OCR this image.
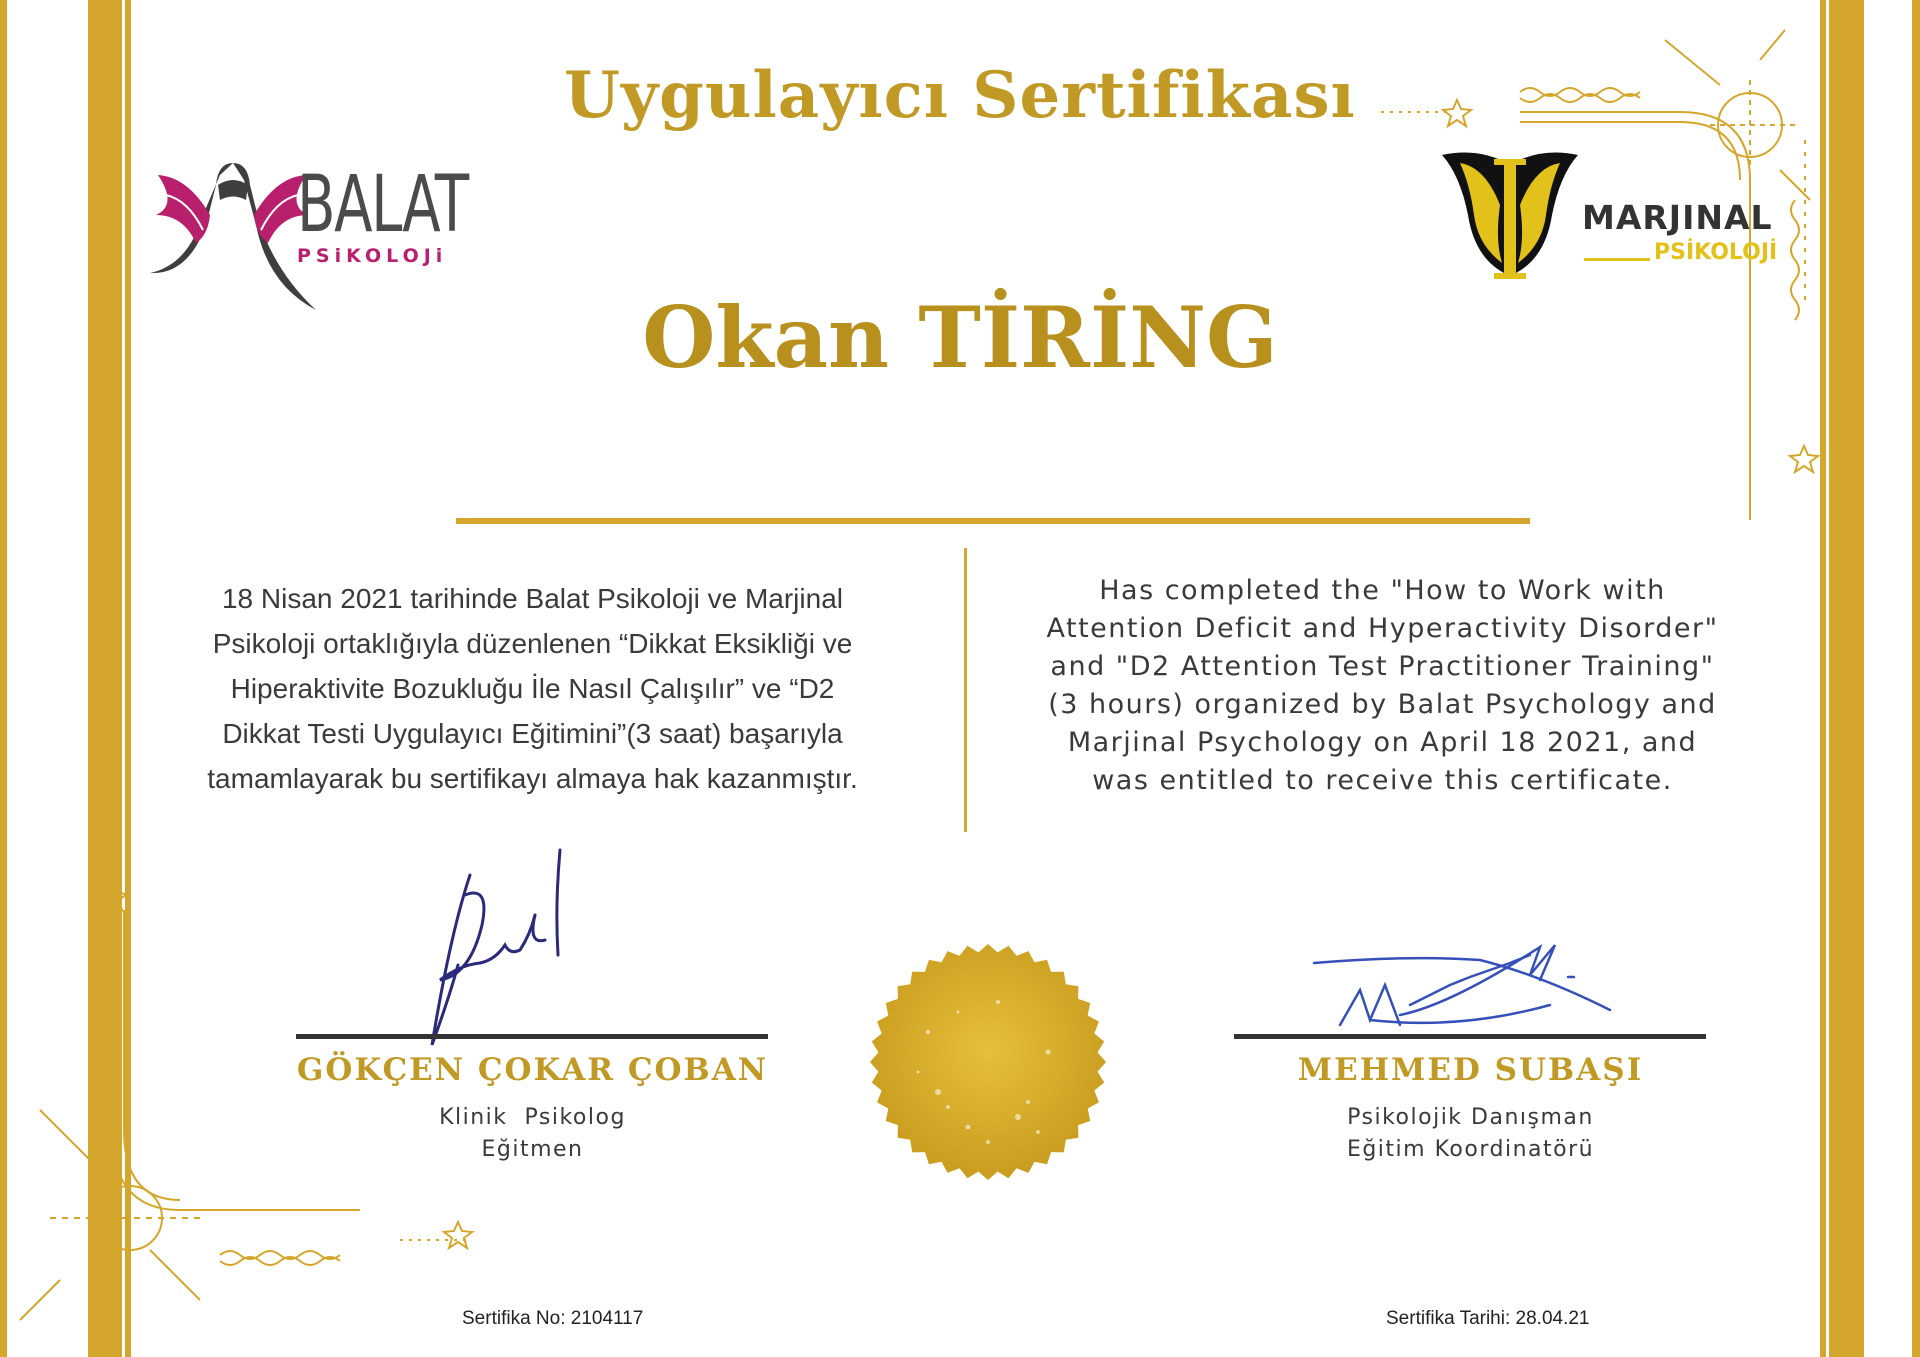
Uygulayıcı Sertifikası
Okan TİRİNG
BALAT
PSiKOLOJi
MARJINAL
PSİKOLOJİ
18 Nisan 2021 tarihinde Balat Psikoloji ve Marjinal Psikoloji ortaklığıyla düzenlenen “Dikkat Eksikliği ve Hiperaktivite Bozukluğu İle Nasıl Çalışılır” ve “D2 Dikkat Testi Uygulayıcı Eğitimini”(3 saat) başarıyla tamamlayarak bu sertifikayı almaya hak kazanmıştır.
Has completed the "How to Work with Attention Deficit and Hyperactivity Disorder" and "D2 Attention Test Practitioner Training" (3 hours) organized by Balat Psychology and Marjinal Psychology on April 18 2021, and was entitled to receive this certificate.
GÖKÇEN ÇOKAR ÇOBAN
Klinik  Psikolog
Eğitmen
MEHMED SUBAŞI
Psikolojik Danışman
Eğitim Koordinatörü
Sertifika No: 2104117	Sertifika Tarihi: 28.04.21
